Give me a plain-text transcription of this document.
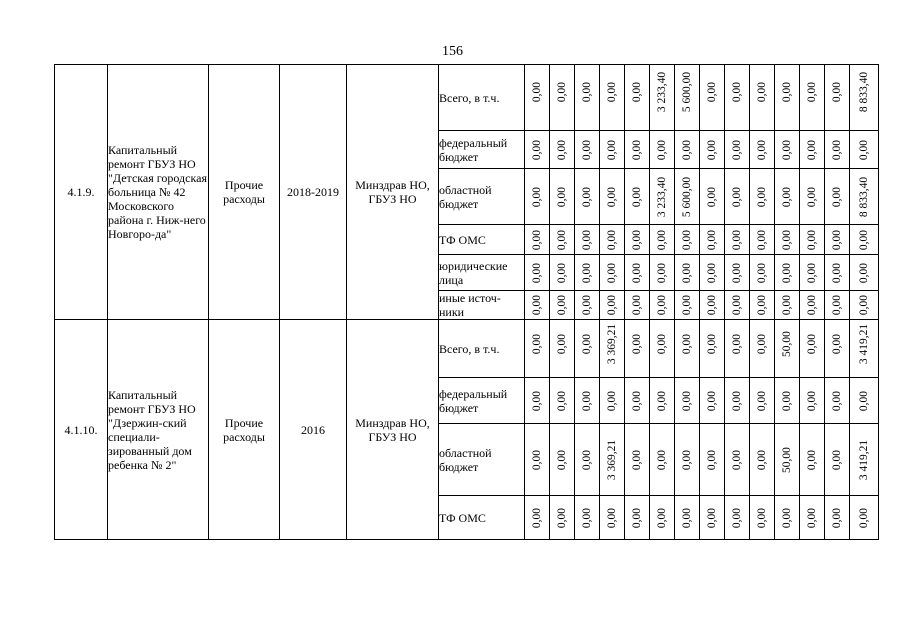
156
4.1.9.	Капитальный ремонт ГБУЗ НО "Детская городская больница № 42 Московского района г. Ниж-него Новгоро-да"	Прочие расходы	2018-2019	Минздрав НО, ГБУЗ НО	Всего, в т.ч.	0,00	0,00	0,00	0,00	0,00	3 233,40	5 600,00	0,00	0,00	0,00	0,00	0,00	0,00	8 833,40

					федеральный бюджет	0,00	0,00	0,00	0,00	0,00	0,00	0,00	0,00	0,00	0,00	0,00	0,00	0,00	0,00

					областной бюджет	0,00	0,00	0,00	0,00	0,00	3 233,40	5 600,00	0,00	0,00	0,00	0,00	0,00	0,00	8 833,40

					ТФ ОМС	0,00	0,00	0,00	0,00	0,00	0,00	0,00	0,00	0,00	0,00	0,00	0,00	0,00	0,00

					юридические лица	0,00	0,00	0,00	0,00	0,00	0,00	0,00	0,00	0,00	0,00	0,00	0,00	0,00	0,00

					иные источ-ники	0,00	0,00	0,00	0,00	0,00	0,00	0,00	0,00	0,00	0,00	0,00	0,00	0,00	0,00

4.1.10.	Капитальный ремонт ГБУЗ НО "Дзержин-ский специали-зированный дом ребенка № 2"	Прочие расходы	2016	Минздрав НО, ГБУЗ НО	Всего, в т.ч.	0,00	0,00	0,00	3 369,21	0,00	0,00	0,00	0,00	0,00	0,00	50,00	0,00	0,00	3 419,21

					федеральный бюджет	0,00	0,00	0,00	0,00	0,00	0,00	0,00	0,00	0,00	0,00	0,00	0,00	0,00	0,00

					областной бюджет	0,00	0,00	0,00	3 369,21	0,00	0,00	0,00	0,00	0,00	0,00	50,00	0,00	0,00	3 419,21

					ТФ ОМС	0,00	0,00	0,00	0,00	0,00	0,00	0,00	0,00	0,00	0,00	0,00	0,00	0,00	0,00
